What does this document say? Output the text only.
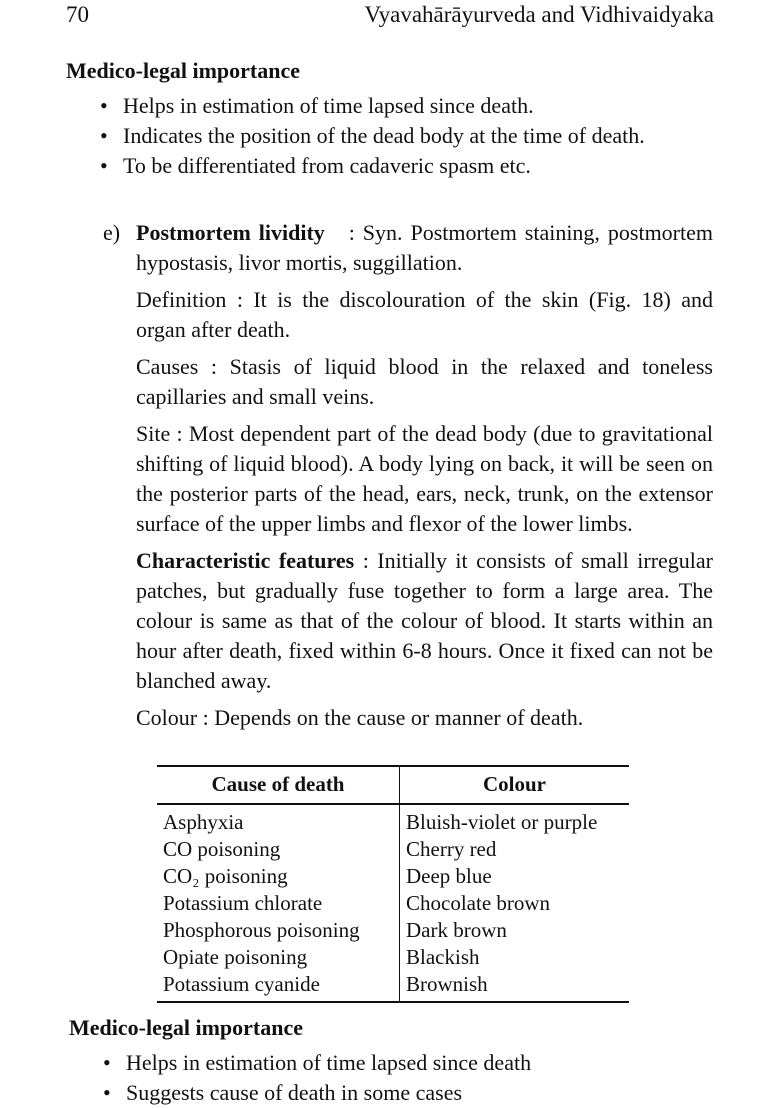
70	Vyavahārāyurveda and Vidhivaidyaka
Medico-legal importance
• Helps in estimation of time lapsed since death.
• Indicates the position of the dead body at the time of death.
• To be differentiated from cadaveric spasm etc.
e) Postmortem lividity : Syn. Postmortem staining, postmortem hypostasis, livor mortis, suggillation.

Definition : It is the discolouration of the skin (Fig. 18) and organ after death.

Causes : Stasis of liquid blood in the relaxed and toneless capillaries and small veins.

Site : Most dependent part of the dead body (due to gravitational shifting of liquid blood). A body lying on back, it will be seen on the posterior parts of the head, ears, neck, trunk, on the extensor surface of the upper limbs and flexor of the lower limbs.

Characteristic features : Initially it consists of small irregular patches, but gradually fuse together to form a large area. The colour is same as that of the colour of blood. It starts within an hour after death, fixed within 6-8 hours. Once it fixed can not be blanched away.

Colour : Depends on the cause or manner of death.

Cause of death	Colour
Asphyxia	Bluish-violet or purple
CO poisoning	Cherry red
CO₂ poisoning	Deep blue
Potassium chlorate	Chocolate brown
Phosphorous poisoning	Dark brown
Opiate poisoning	Blackish
Potassium cyanide	Brownish
Medico-legal importance
• Helps in estimation of time lapsed since death
• Suggests cause of death in some cases
